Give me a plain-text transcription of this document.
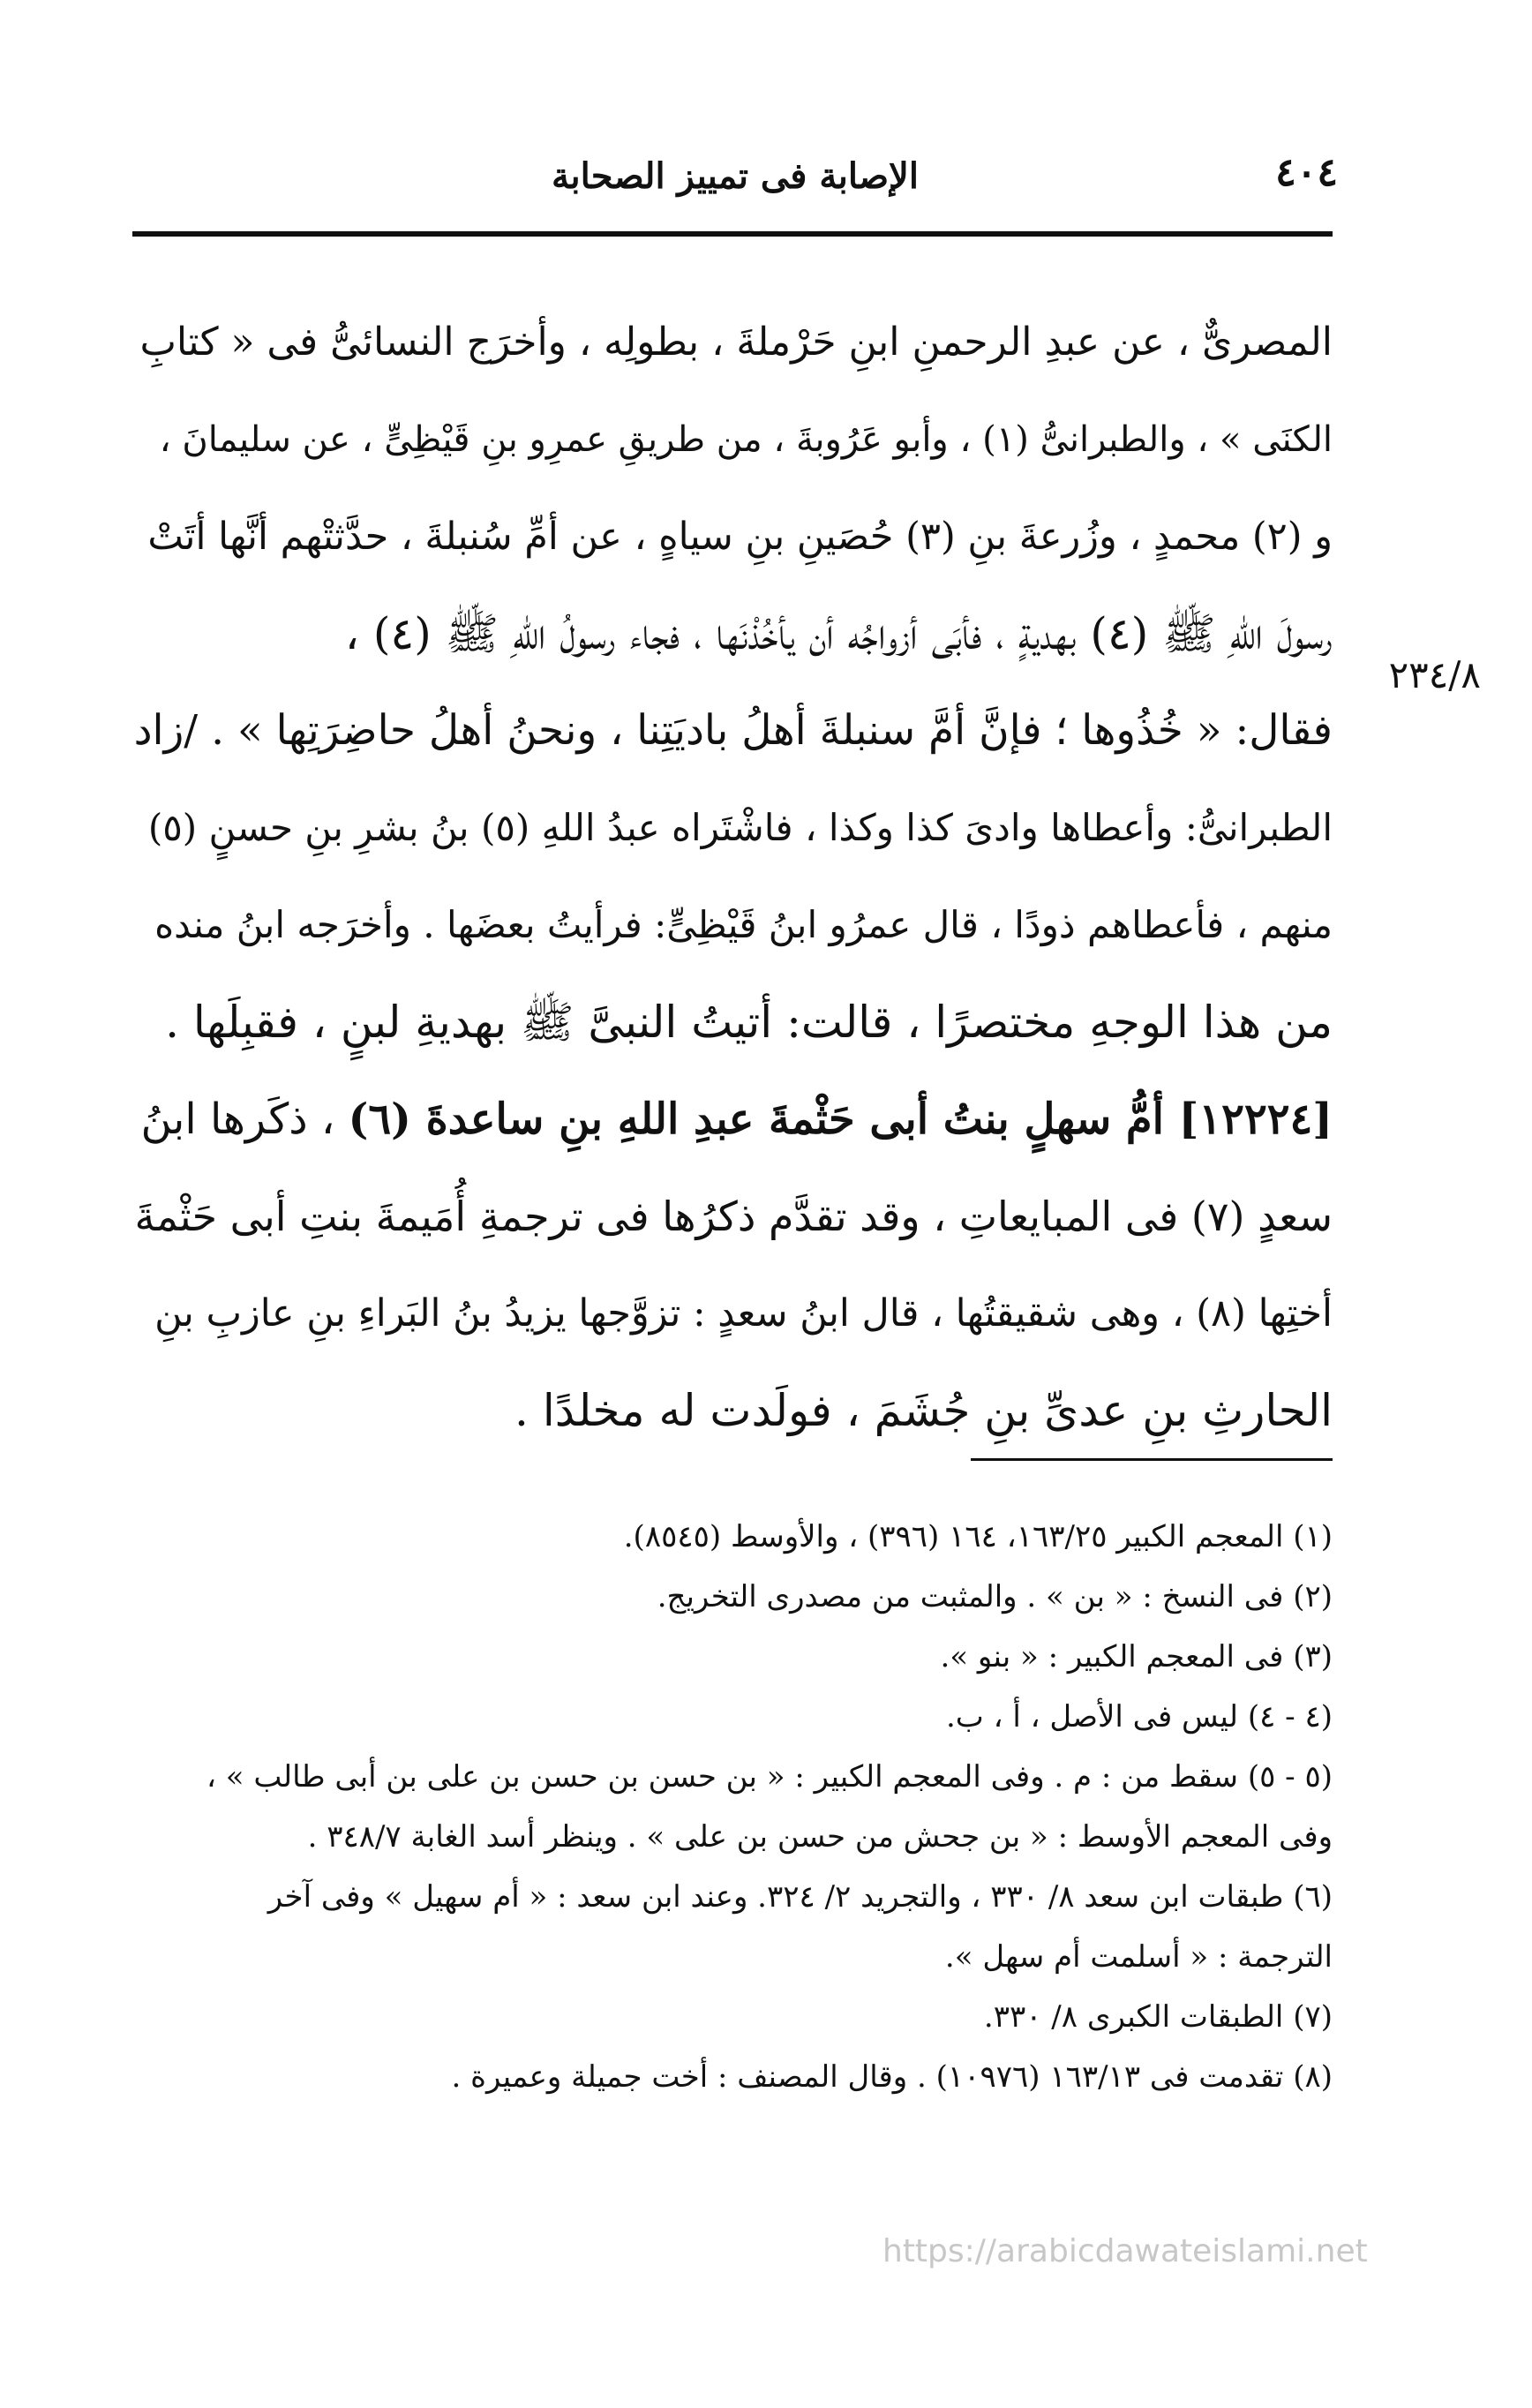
٤٠٤
الإصابة فى تمييز الصحابة
٢٣٤/٨
المصرىٌّ ، عن عبدِ الرحمنِ ابنِ حَرْملةَ ، بطولِه ، وأخرَج النسائىُّ فى « كتابِ
الكنَى » ، والطبرانىُّ (١) ، وأبو عَرُوبةَ ، من طريقِ عمرِو بنِ قَيْظِىٍّ ، عن سليمانَ ،
و (٢) محمدٍ ، وزُرعةَ بنِ (٣) حُصَينِ بنِ سياهٍ ، عن أمِّ سُنبلةَ ، حدَّثتْهم أنَّها أتَتْ
رسولَ اللهِ ﷺ (٤) بهديةٍ ، فأبَى أزواجُه أن يأخُذْنَها ، فجاء رسولُ اللهِ ﷺ (٤) ،
فقال: « خُذُوها ؛ فإنَّ أمَّ سنبلةَ أهلُ باديَتِنا ، ونحنُ أهلُ حاضِرَتِها » . /زاد
الطبرانىُّ: وأعطاها وادىَ كذا وكذا ، فاشْتَراه عبدُ اللهِ (٥) بنُ بشرِ بنِ حسنٍ (٥)
منهم ، فأعطاهم ذودًا ، قال عمرُو ابنُ قَيْظِىٍّ: فرأيتُ بعضَها . وأخرَجه ابنُ منده
من هذا الوجهِ مختصرًا ، قالت: أتيتُ النبىَّ ﷺ بهديةِ لبنٍ ، فقبِلَها .
[١٢٢٢٤] أمُّ سهلٍ بنتُ أبى حَثْمةَ عبدِ اللهِ بنِ ساعدةَ (٦) ، ذكَرها ابنُ
سعدٍ (٧) فى المبايعاتِ ، وقد تقدَّم ذكرُها فى ترجمةِ أُمَيمةَ بنتِ أبى حَثْمةَ
أختِها (٨) ، وهى شقيقتُها ، قال ابنُ سعدٍ : تزوَّجها يزيدُ بنُ البَراءِ بنِ عازبِ بنِ
الحارثِ بنِ عدىِّ بنِ جُشَمَ ، فولَدت له مخلدًا .
(١) المعجم الكبير ١٦٣/٢٥، ١٦٤ (٣٩٦) ، والأوسط (٨٥٤٥).
(٢) فى النسخ : « بن » . والمثبت من مصدرى التخريج.
(٣) فى المعجم الكبير : « بنو ».
(٤ - ٤) ليس فى الأصل ، أ ، ب.
(٥ - ٥) سقط من : م . وفى المعجم الكبير : « بن حسن بن حسن بن على بن أبى طالب » ،
وفى المعجم الأوسط : « بن جحش من حسن بن على » . وينظر أسد الغابة ٣٤٨/٧ .
(٦) طبقات ابن سعد ٨/ ٣٣٠ ، والتجريد ٢/ ٣٢٤. وعند ابن سعد : « أم سهيل » وفى آخر
الترجمة : « أسلمت أم سهل ».
(٧) الطبقات الكبرى ٨/ ٣٣٠.
(٨) تقدمت فى ١٦٣/١٣ (١٠٩٧٦) . وقال المصنف : أخت جميلة وعميرة .
https://arabicdawateislami.net
